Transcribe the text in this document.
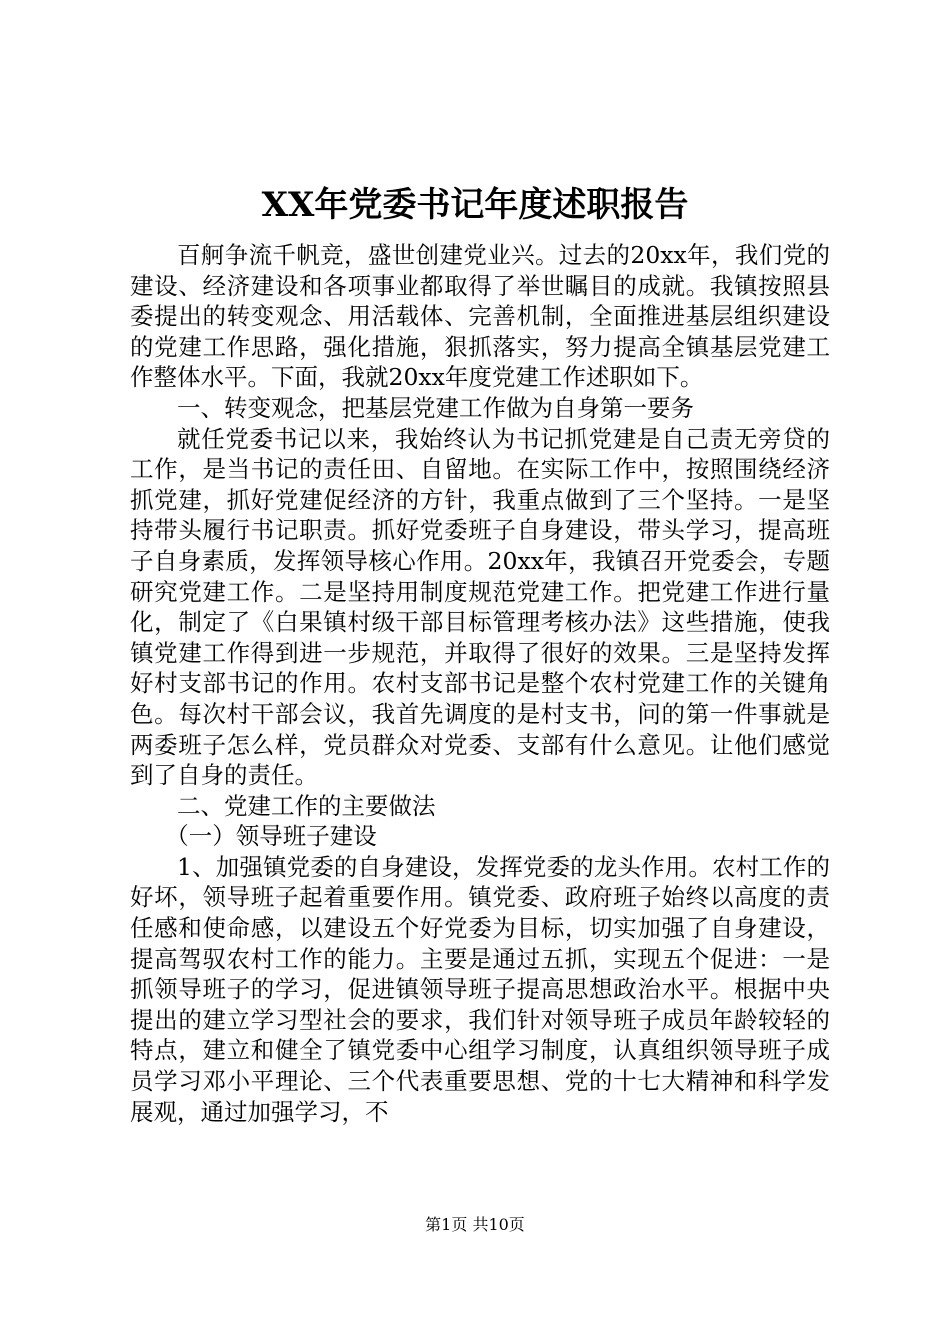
XX年党委书记年度述职报告

百舸争流千帆竞，盛世创建党业兴。过去的20xx年，我们党的建设、经济建设和各项事业都取得了举世瞩目的成就。我镇按照县委提出的转变观念、用活载体、完善机制，全面推进基层组织建设的党建工作思路，强化措施，狠抓落实，努力提高全镇基层党建工作整体水平。下面，我就20xx年度党建工作述职如下。

一、转变观念，把基层党建工作做为自身第一要务

就任党委书记以来，我始终认为书记抓党建是自己责无旁贷的工作，是当书记的责任田、自留地。在实际工作中，按照围绕经济抓党建，抓好党建促经济的方针，我重点做到了三个坚持。一是坚持带头履行书记职责。抓好党委班子自身建设，带头学习，提高班子自身素质，发挥领导核心作用。20xx年，我镇召开党委会，专题研究党建工作。二是坚持用制度规范党建工作。把党建工作进行量化，制定了《白果镇村级干部目标管理考核办法》这些措施，使我镇党建工作得到进一步规范，并取得了很好的效果。三是坚持发挥好村支部书记的作用。农村支部书记是整个农村党建工作的关键角色。每次村干部会议，我首先调度的是村支书，问的第一件事就是两委班子怎么样，党员群众对党委、支部有什么意见。让他们感觉到了自身的责任。

二、党建工作的主要做法

（一）领导班子建设

1、加强镇党委的自身建设，发挥党委的龙头作用。农村工作的好坏，领导班子起着重要作用。镇党委、政府班子始终以高度的责任感和使命感，以建设五个好党委为目标，切实加强了自身建设，提高驾驭农村工作的能力。主要是通过五抓，实现五个促进：一是抓领导班子的学习，促进镇领导班子提高思想政治水平。根据中央提出的建立学习型社会的要求，我们针对领导班子成员年龄较轻的特点，建立和健全了镇党委中心组学习制度，认真组织领导班子成员学习邓小平理论、三个代表重要思想、党的十七大精神和科学发展观，通过加强学习，不

第1页 共10页
